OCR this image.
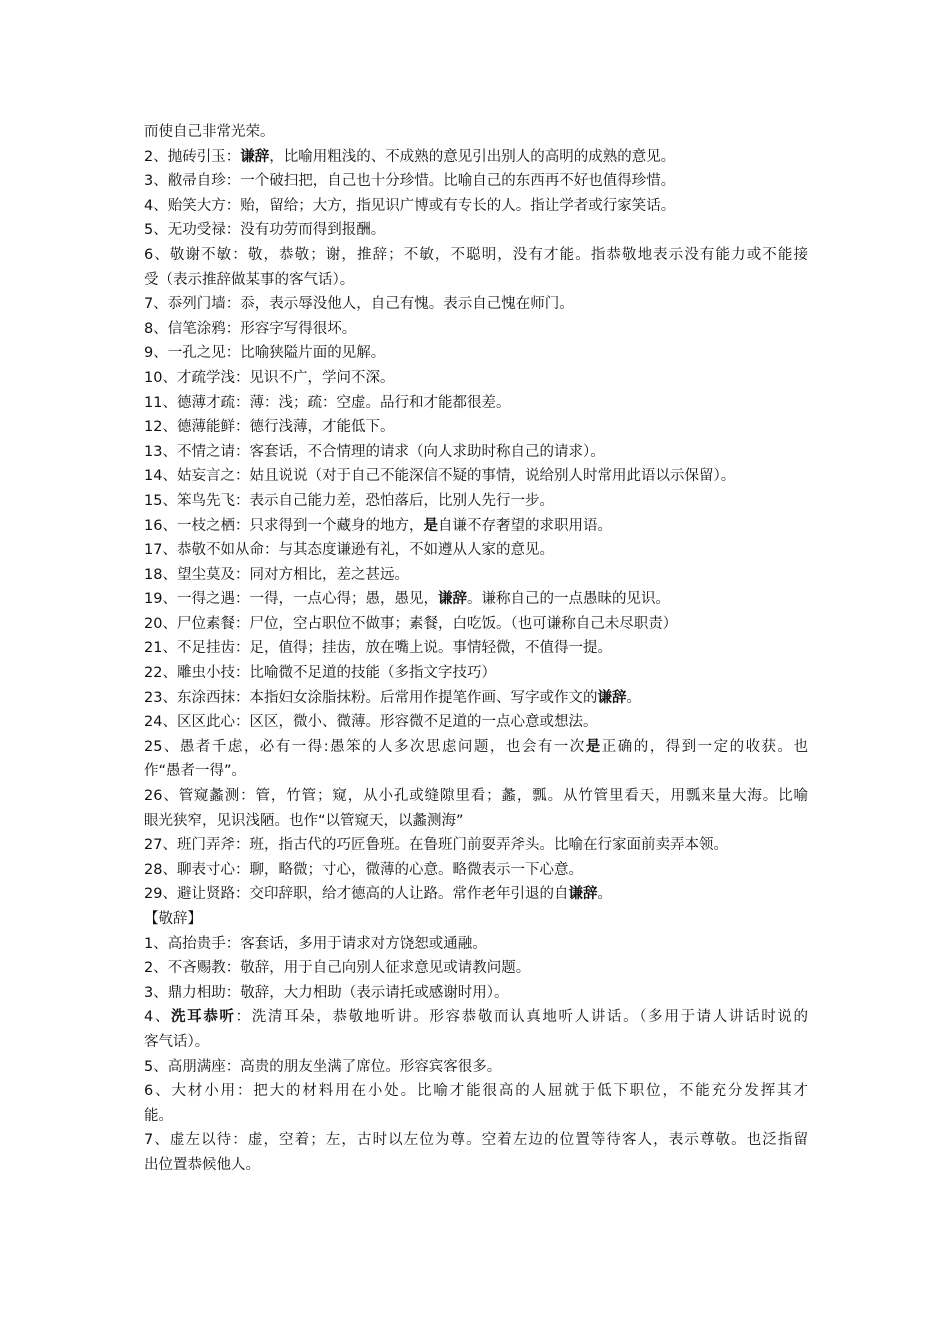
而使自己非常光荣。
2、抛砖引玉：谦辞，比喻用粗浅的、不成熟的意见引出别人的高明的成熟的意见。
3、敝帚自珍：一个破扫把，自己也十分珍惜。比喻自己的东西再不好也值得珍惜。
4、贻笑大方：贻，留给；大方，指见识广博或有专长的人。指让学者或行家笑话。
5、无功受禄：没有功劳而得到报酬。
6、敬谢不敏：敬，恭敬；谢，推辞；不敏，不聪明，没有才能。指恭敬地表示没有能力或不能接
受（表示推辞做某事的客气话）。
7、忝列门墙：忝，表示辱没他人，自己有愧。表示自己愧在师门。
8、信笔涂鸦：形容字写得很坏。
9、一孔之见：比喻狭隘片面的见解。
10、才疏学浅：见识不广，学问不深。
11、德薄才疏：薄：浅；疏：空虚。品行和才能都很差。
12、德薄能鲜：德行浅薄，才能低下。
13、不情之请：客套话，不合情理的请求（向人求助时称自己的请求）。
14、姑妄言之：姑且说说（对于自己不能深信不疑的事情，说给别人时常用此语以示保留）。
15、笨鸟先飞：表示自己能力差，恐怕落后，比别人先行一步。
16、一枝之栖：只求得到一个藏身的地方，是自谦不存奢望的求职用语。
17、恭敬不如从命：与其态度谦逊有礼，不如遵从人家的意见。
18、望尘莫及：同对方相比，差之甚远。
19、一得之遇：一得，一点心得；愚，愚见，谦辞。谦称自己的一点愚昧的见识。
20、尸位素餐：尸位，空占职位不做事；素餐，白吃饭。（也可谦称自己未尽职责）
21、不足挂齿：足，值得；挂齿，放在嘴上说。事情轻微，不值得一提。
22、雕虫小技：比喻微不足道的技能（多指文字技巧）
23、东涂西抹：本指妇女涂脂抹粉。后常用作提笔作画、写字或作文的谦辞。
24、区区此心：区区，微小、微薄。形容微不足道的一点心意或想法。
25、愚者千虑，必有一得:愚笨的人多次思虑问题，也会有一次是正确的，得到一定的收获。也
作“愚者一得”。
26、管窥蠡测：管，竹管；窥，从小孔或缝隙里看；蠡，瓢。从竹管里看天，用瓢来量大海。比喻
眼光狭窄，见识浅陋。也作“以管窥天，以蠡测海”
27、班门弄斧：班，指古代的巧匠鲁班。在鲁班门前耍弄斧头。比喻在行家面前卖弄本领。
28、聊表寸心：聊，略微；寸心，微薄的心意。略微表示一下心意。
29、避让贤路：交印辞职，给才德高的人让路。常作老年引退的自谦辞。
【敬辞】
1、高抬贵手：客套话，多用于请求对方饶恕或通融。
2、不吝赐教：敬辞，用于自己向别人征求意见或请教问题。
3、鼎力相助：敬辞，大力相助（表示请托或感谢时用）。
4、洗耳恭听：洗清耳朵，恭敬地听讲。形容恭敬而认真地听人讲话。（多用于请人讲话时说的
客气话）。
5、高朋满座：高贵的朋友坐满了席位。形容宾客很多。
6、大材小用：把大的材料用在小处。比喻才能很高的人屈就于低下职位，不能充分发挥其才
能。
7、虚左以待：虚，空着；左，古时以左位为尊。空着左边的位置等待客人，表示尊敬。也泛指留
出位置恭候他人。
